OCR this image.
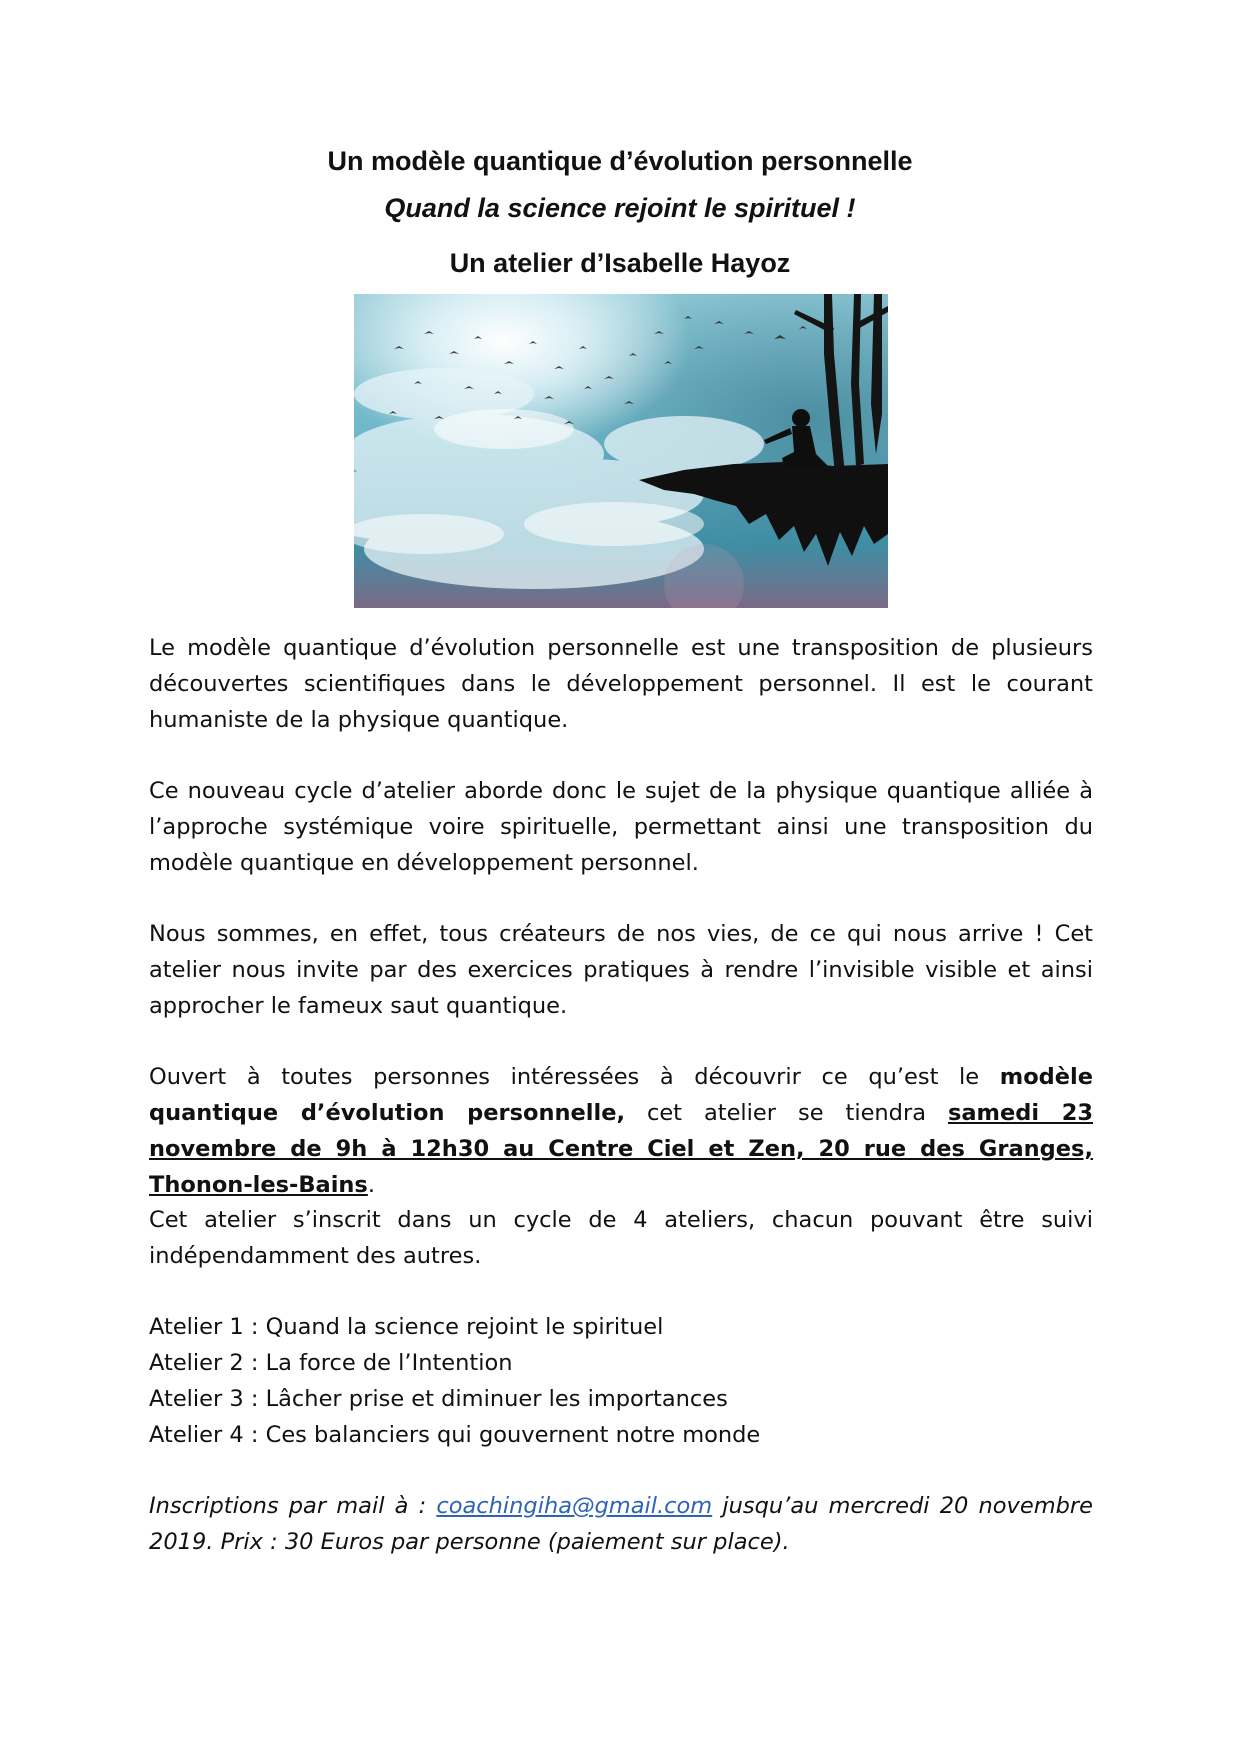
Un modèle quantique d’évolution personnelle
Quand la science rejoint le spirituel !
Un atelier d’Isabelle Hayoz
Le modèle quantique d’évolution personnelle est une transposition de plusieurs découvertes scientifiques dans le développement personnel. Il est le courant humaniste de la physique quantique.
Ce nouveau cycle d’atelier aborde donc le sujet de la physique quantique alliée à l’approche systémique voire spirituelle, permettant ainsi une transposition du modèle quantique en développement personnel.
Nous sommes, en effet, tous créateurs de nos vies, de ce qui nous arrive ! Cet atelier nous invite par des exercices pratiques à rendre l’invisible visible et ainsi approcher le fameux saut quantique.
Ouvert à toutes personnes intéressées à découvrir ce qu’est le modèle quantique d’évolution personnelle, cet atelier se tiendra samedi 23 novembre de 9h à 12h30 au Centre Ciel et Zen, 20 rue des Granges, Thonon-les-Bains.
Cet atelier s’inscrit dans un cycle de 4 ateliers, chacun pouvant être suivi indépendamment des autres.
Atelier 1 : Quand la science rejoint le spirituel
Atelier 2 : La force de l’Intention
Atelier 3 : Lâcher prise et diminuer les importances
Atelier 4 : Ces balanciers qui gouvernent notre monde
Inscriptions par mail à : coachingiha@gmail.com jusqu’au mercredi 20 novembre 2019. Prix : 30 Euros par personne (paiement sur place).
